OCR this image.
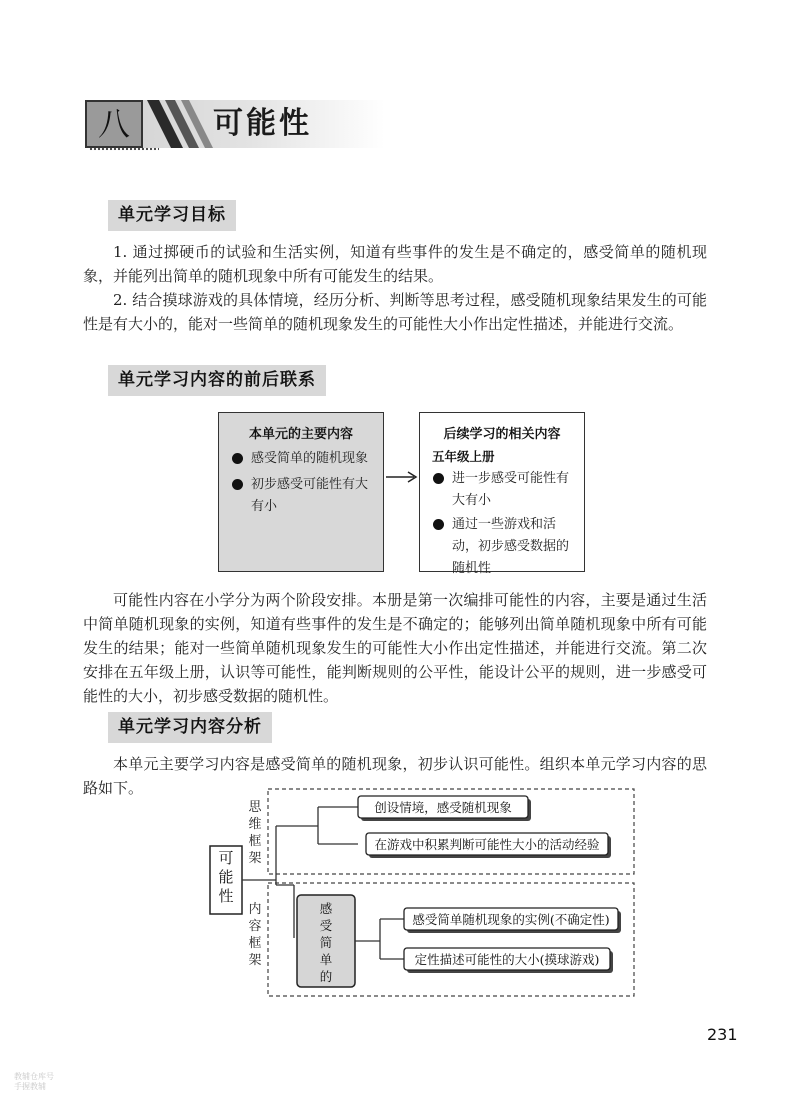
八	可能性
单元学习目标

1. 通过掷硬币的试验和生活实例，知道有些事件的发生是不确定的，感受简单的随机现象，并能列出简单的随机现象中所有可能发生的结果。

2. 结合摸球游戏的具体情境，经历分析、判断等思考过程，感受随机现象结果发生的可能性是有大小的，能对一些简单的随机现象发生的可能性大小作出定性描述，并能进行交流。

单元学习内容的前后联系
本单元的主要内容
感受简单的随机现象
初步感受可能性有大有小
后续学习的相关内容
五年级上册
进一步感受可能性有大有小
通过一些游戏和活动，初步感受数据的随机性

可能性内容在小学分为两个阶段安排。本册是第一次编排可能性的内容，主要是通过生活中简单随机现象的实例，知道有些事件的发生是不确定的；能够列出简单随机现象中所有可能发生的结果；能对一些简单随机现象发生的可能性大小作出定性描述，并能进行交流。第二次安排在五年级上册，认识等可能性，能判断规则的公平性，能设计公平的规则，进一步感受可能性的大小，初步感受数据的随机性。

单元学习内容分析

本单元主要学习内容是感受简单的随机现象，初步认识可能性。组织本单元学习内容的思路如下。

可
能
性
思
维
框
架
内
容
框
架
创设情境，感受随机现象
在游戏中积累判断可能性大小的活动经验
感
受
简
单
的
感受简单随机现象的实例(不确定性)
定性描述可能性的大小(摸球游戏)
231
教辅仓库号
手握教辅
